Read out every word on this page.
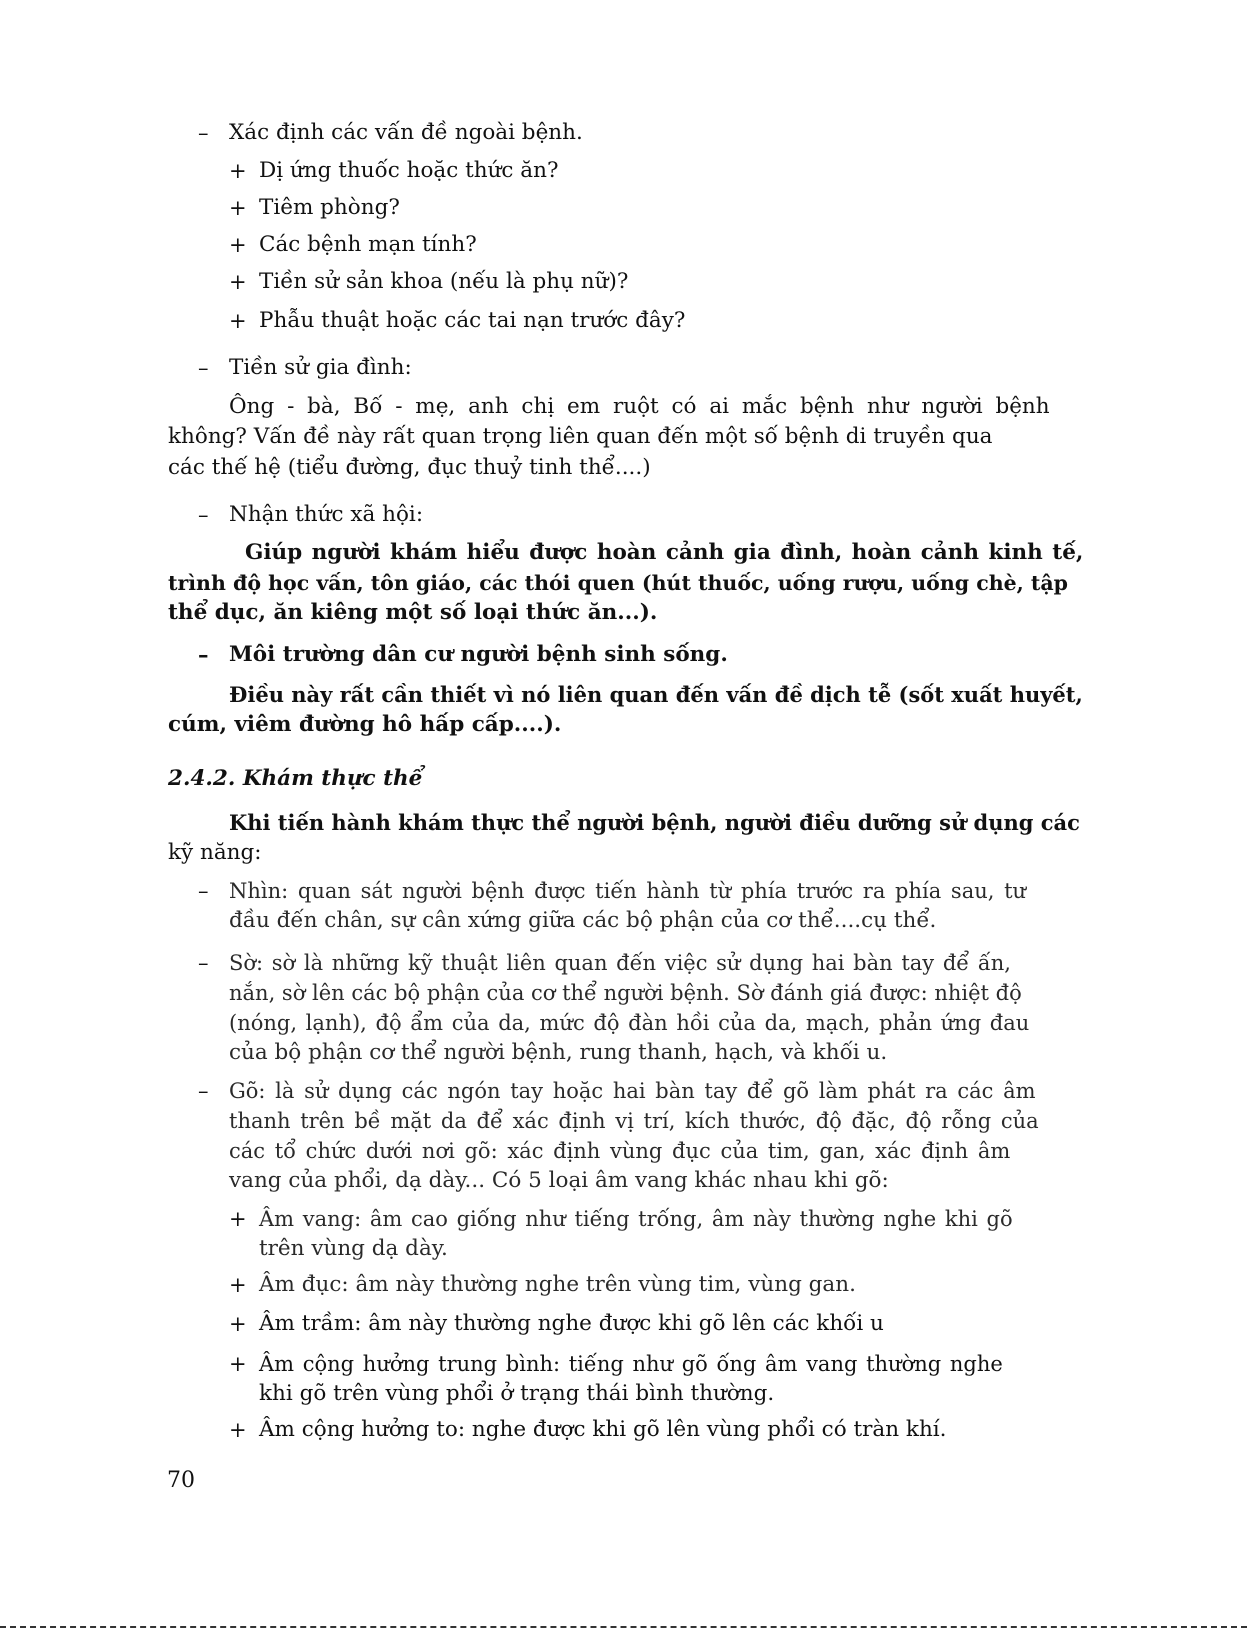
–
+
+
+
+
+
–
–
–
–
–
–
+
+
+
+
+
Xác định các vấn đề ngoài bệnh.
Dị ứng thuốc hoặc thức ăn?
Tiêm phòng?
Các bệnh mạn tính?
Tiền sử sản khoa (nếu là phụ nữ)?
Phẫu thuật hoặc các tai nạn trước đây?
Tiền sử gia đình:
Ông - bà, Bố - mẹ, anh chị em ruột có ai mắc bệnh như người bệnh
không? Vấn đề này rất quan trọng liên quan đến một số bệnh di truyền qua
các thế hệ (tiểu đường, đục thuỷ tinh thể....)
Nhận thức xã hội:
Giúp người khám hiểu được hoàn cảnh gia đình, hoàn cảnh kinh tế,
trình độ học vấn, tôn giáo, các thói quen (hút thuốc, uống rượu, uống chè, tập
thể dục, ăn kiêng một số loại thức ăn...).
Môi trường dân cư người bệnh sinh sống.
Điều này rất cần thiết vì nó liên quan đến vấn đề dịch tễ (sốt xuất huyết,
cúm, viêm đường hô hấp cấp....).
2.4.2. Khám thực thể
Khi tiến hành khám thực thể người bệnh, người điều dưỡng sử dụng các
kỹ năng:
Nhìn: quan sát người bệnh được tiến hành từ phía trước ra phía sau, tư
đầu đến chân, sự cân xứng giữa các bộ phận của cơ thể....cụ thể.
Sờ: sờ là những kỹ thuật liên quan đến việc sử dụng hai bàn tay để ấn,
nắn, sờ lên các bộ phận của cơ thể người bệnh. Sờ đánh giá được: nhiệt độ
(nóng, lạnh), độ ẩm của da, mức độ đàn hồi của da, mạch, phản ứng đau
của bộ phận cơ thể người bệnh, rung thanh, hạch, và khối u.
Gõ: là sử dụng các ngón tay hoặc hai bàn tay để gõ làm phát ra các âm
thanh trên bề mặt da để xác định vị trí, kích thước, độ đặc, độ rỗng của
các tổ chức dưới nơi gõ: xác định vùng đục của tim, gan, xác định âm
vang của phổi, dạ dày... Có 5 loại âm vang khác nhau khi gõ:
Âm vang: âm cao giống như tiếng trống, âm này thường nghe khi gõ
trên vùng dạ dày.
Âm đục: âm này thường nghe trên vùng tim, vùng gan.
Âm trầm: âm này thường nghe được khi gõ lên các khối u
Âm cộng hưởng trung bình: tiếng như gõ ống âm vang thường nghe
khi gõ trên vùng phổi ở trạng thái bình thường.
Âm cộng hưởng to: nghe được khi gõ lên vùng phổi có tràn khí.
70
